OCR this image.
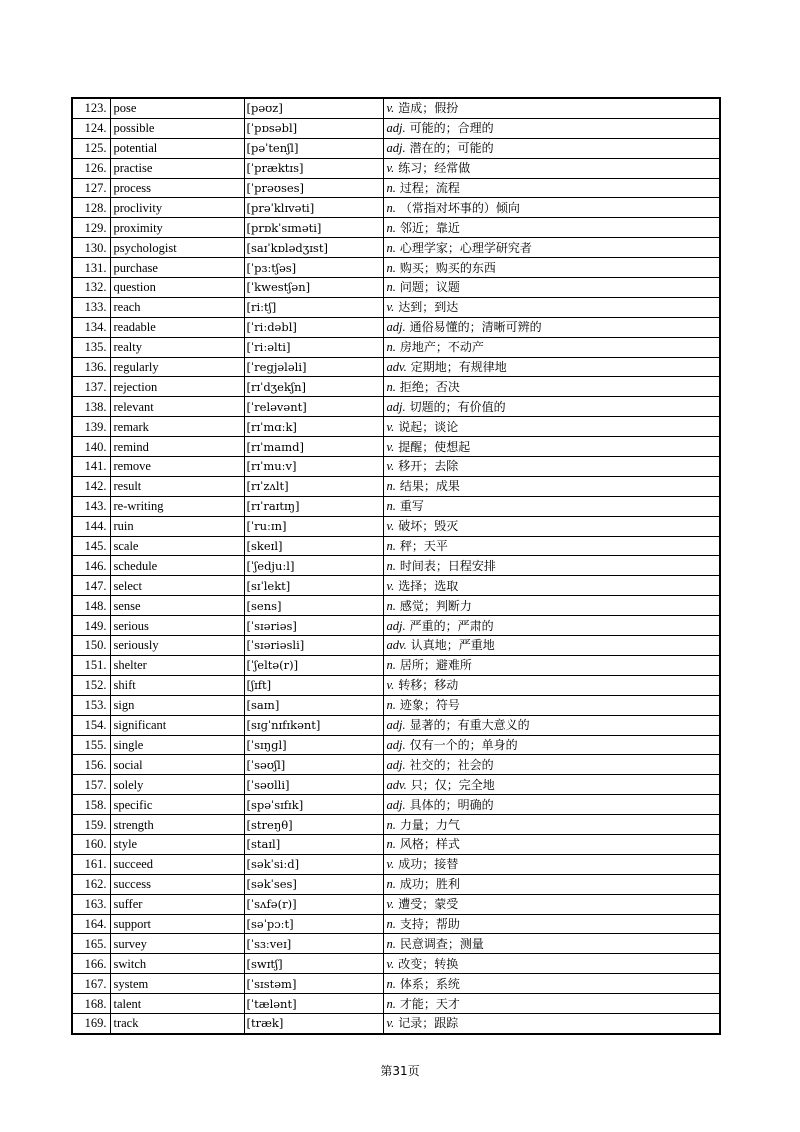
123.	pose	[pəʊz]	v. 造成；假扮
124.	possible	[ˈpɒsəbl]	adj. 可能的；合理的
125.	potential	[pəˈtenʃl]	adj. 潜在的；可能的
126.	practise	[ˈpræktɪs]	v. 练习；经常做
127.	process	[ˈprəʊses]	n. 过程；流程
128.	proclivity	[prəˈklɪvəti]	n. （常指对坏事的）倾向
129.	proximity	[prɒkˈsɪməti]	n. 邻近；靠近
130.	psychologist	[saɪˈkɒlədʒɪst]	n. 心理学家；心理学研究者
131.	purchase	[ˈpɜːtʃəs]	n. 购买；购买的东西
132.	question	[ˈkwestʃən]	n. 问题；议题
133.	reach	[riːtʃ]	v. 达到；到达
134.	readable	[ˈriːdəbl]	adj. 通俗易懂的；清晰可辨的
135.	realty	[ˈriːəlti]	n. 房地产；不动产
136.	regularly	[ˈregjələli]	adv. 定期地；有规律地
137.	rejection	[rɪˈdʒekʃn]	n. 拒绝；否决
138.	relevant	[ˈreləvənt]	adj. 切题的；有价值的
139.	remark	[rɪˈmɑːk]	v. 说起；谈论
140.	remind	[rɪˈmaɪnd]	v. 提醒；使想起
141.	remove	[rɪˈmuːv]	v. 移开；去除
142.	result	[rɪˈzʌlt]	n. 结果；成果
143.	re-writing	[rɪˈraɪtɪŋ]	n. 重写
144.	ruin	[ˈruːɪn]	v. 破坏；毁灭
145.	scale	[skeɪl]	n. 秤；天平
146.	schedule	[ˈʃedjuːl]	n. 时间表；日程安排
147.	select	[sɪˈlekt]	v. 选择；选取
148.	sense	[sens]	n. 感觉；判断力
149.	serious	[ˈsɪəriəs]	adj. 严重的；严肃的
150.	seriously	[ˈsɪəriəsli]	adv. 认真地；严重地
151.	shelter	[ˈʃeltə(r)]	n. 居所；避难所
152.	shift	[ʃɪft]	v. 转移；移动
153.	sign	[saɪn]	n. 迹象；符号
154.	significant	[sɪɡˈnɪfɪkənt]	adj. 显著的；有重大意义的
155.	single	[ˈsɪŋgl]	adj. 仅有一个的；单身的
156.	social	[ˈsəʊʃl]	adj. 社交的；社会的
157.	solely	[ˈsəʊlli]	adv. 只；仅；完全地
158.	specific	[spəˈsɪfɪk]	adj. 具体的；明确的
159.	strength	[streŋθ]	n. 力量；力气
160.	style	[staɪl]	n. 风格；样式
161.	succeed	[səkˈsiːd]	v. 成功；接替
162.	success	[səkˈses]	n. 成功；胜利
163.	suffer	[ˈsʌfə(r)]	v. 遭受；蒙受
164.	support	[səˈpɔːt]	n. 支持；帮助
165.	survey	[ˈsɜːveɪ]	n. 民意调查；测量
166.	switch	[swɪtʃ]	v. 改变；转换
167.	system	[ˈsɪstəm]	n. 体系；系统
168.	talent	[ˈtælənt]	n. 才能；天才
169.	track	[træk]	v. 记录；跟踪
第31页
